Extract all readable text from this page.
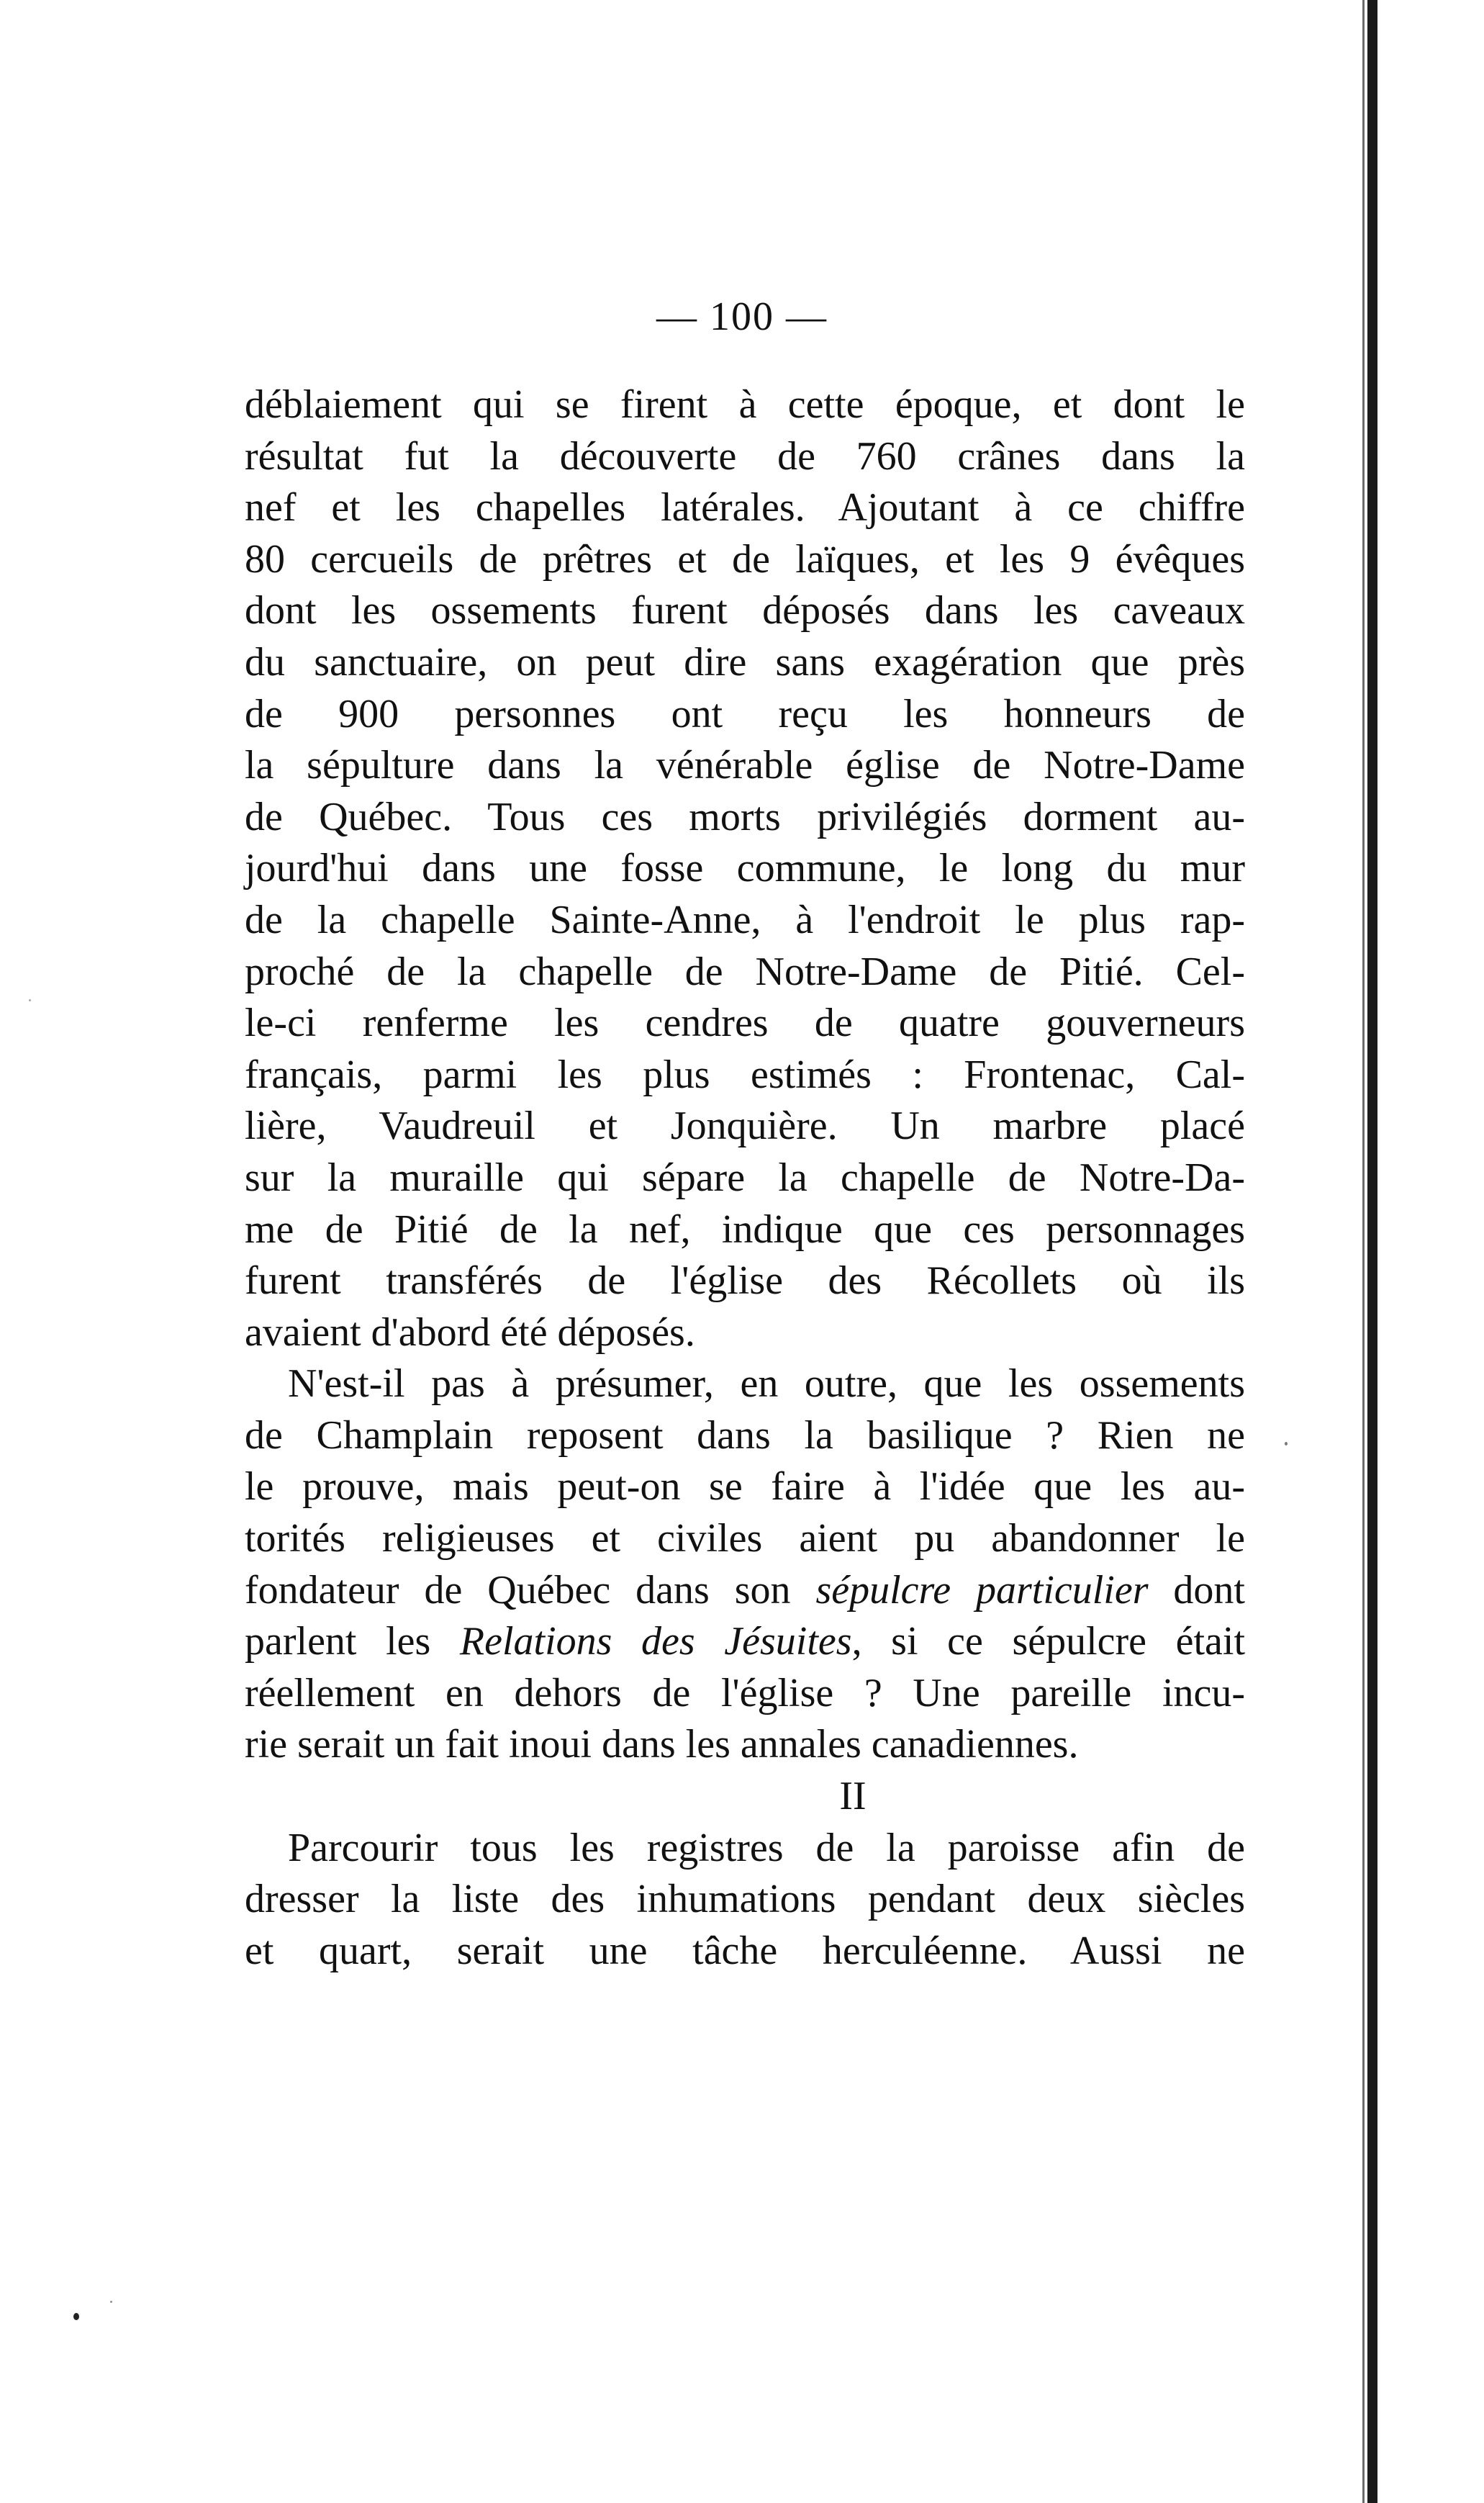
— 100 —
déblaiement qui se firent à cette époque, et dont le
résultat fut la découverte de 760 crânes dans la
nef et les chapelles latérales. Ajoutant à ce chiffre
80 cercueils de prêtres et de laïques, et les 9 évêques
dont les ossements furent déposés dans les caveaux
du sanctuaire, on peut dire sans exagération que près
de 900 personnes ont reçu les honneurs de
la sépulture dans la vénérable église de Notre-Dame
de Québec. Tous ces morts privilégiés dorment au-
jourd'hui dans une fosse commune, le long du mur
de la chapelle Sainte-Anne, à l'endroit le plus rap-
proché de la chapelle de Notre-Dame de Pitié. Cel-
le-ci renferme les cendres de quatre gouverneurs
français, parmi les plus estimés : Frontenac, Cal-
lière, Vaudreuil et Jonquière. Un marbre placé
sur la muraille qui sépare la chapelle de Notre-Da-
me de Pitié de la nef, indique que ces personnages
furent transférés de l'église des Récollets où ils
avaient d'abord été déposés.
N'est-il pas à présumer, en outre, que les ossements
de Champlain reposent dans la basilique ? Rien ne
le prouve, mais peut-on se faire à l'idée que les au-
torités religieuses et civiles aient pu abandonner le
fondateur de Québec dans son sépulcre particulier dont
parlent les Relations des Jésuites, si ce sépulcre était
réellement en dehors de l'église ? Une pareille incu-
rie serait un fait inoui dans les annales canadiennes.
II
Parcourir tous les registres de la paroisse afin de
dresser la liste des inhumations pendant deux siècles
et quart, serait une tâche herculéenne. Aussi ne
